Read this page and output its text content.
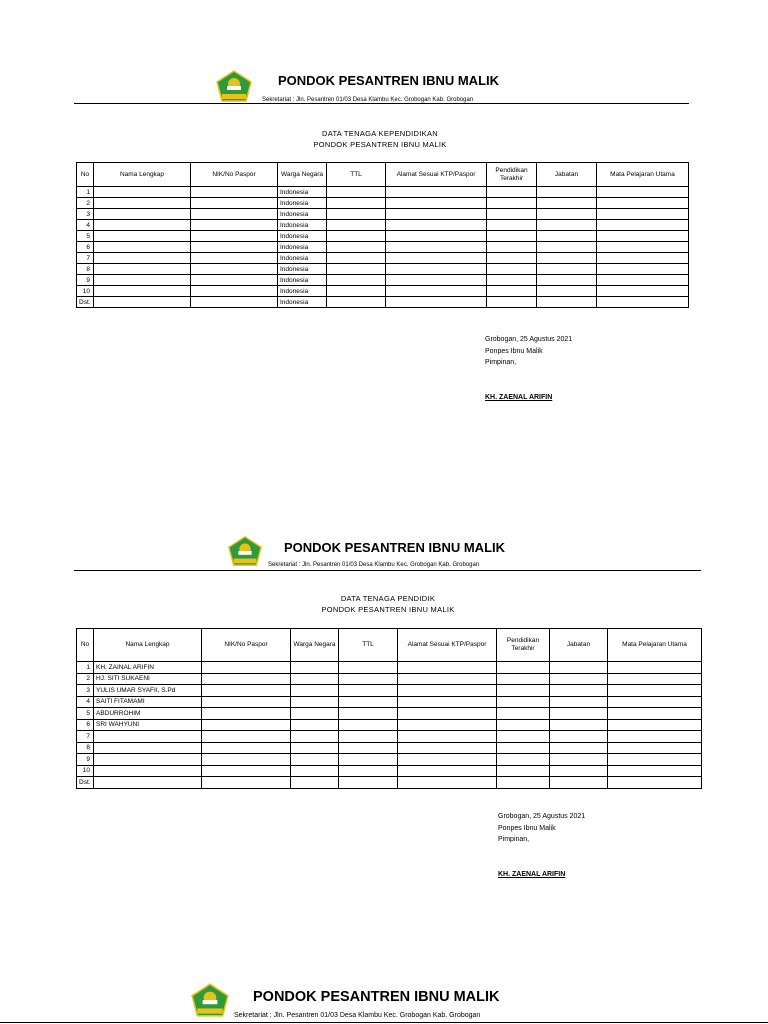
PONDOK PESANTREN IBNU MALIK
Sekretariat : Jln. Pesantren 01/03 Desa Klambu Kec. Grobogan Kab. Grobogan
DATA TENAGA KEPENDIDIKAN
PONDOK PESANTREN IBNU MALIK
No	Nama Lengkap	NIK/No Paspor	Warga Negara	TTL	Alamat Sesuai KTP/Paspor	Pendidikan Terakhir	Jabatan	Mata Pelajaran Utama
1			Indonesia					
2			Indonesia					
3			Indonesia					
4			Indonesia					
5			Indonesia					
6			Indonesia					
7			Indonesia					
8			Indonesia					
9			Indonesia					
10			Indonesia					
Dst.			Indonesia					
Grobogan, 25 Agustus 2021
Ponpes Ibnu Malik
Pimpinan,
KH. ZAENAL ARIFIN
PONDOK PESANTREN IBNU MALIK
Sekretariat : Jln. Pesantren 01/03 Desa Klambu Kec. Grobogan Kab. Grobogan
DATA TENAGA PENDIDIK
PONDOK PESANTREN IBNU MALIK
No	Nama Lengkap	NIK/No Paspor	Warga Negara	TTL	Alamat Sesuai KTP/Paspor	Pendidikan Terakhir	Jabatan	Mata Pelajaran Utama
1	KH. ZAINAL ARIFIN							
2	HJ. SITI SUKAENI							
3	YULIS UMAR SYAFII, S.Pd							
4	SAITI FITAMAMI							
5	ABDURROHIM							
6	SRI WAHYUNI							
7								
8								
9								
10								
Dst.								
Grobogan, 25 Agustus 2021
Ponpes Ibnu Malik
Pimpinan,
KH. ZAENAL ARIFIN
PONDOK PESANTREN IBNU MALIK
Sekretariat : Jln. Pesantren 01/03 Desa Klambu Kec. Grobogan Kab. Grobogan
